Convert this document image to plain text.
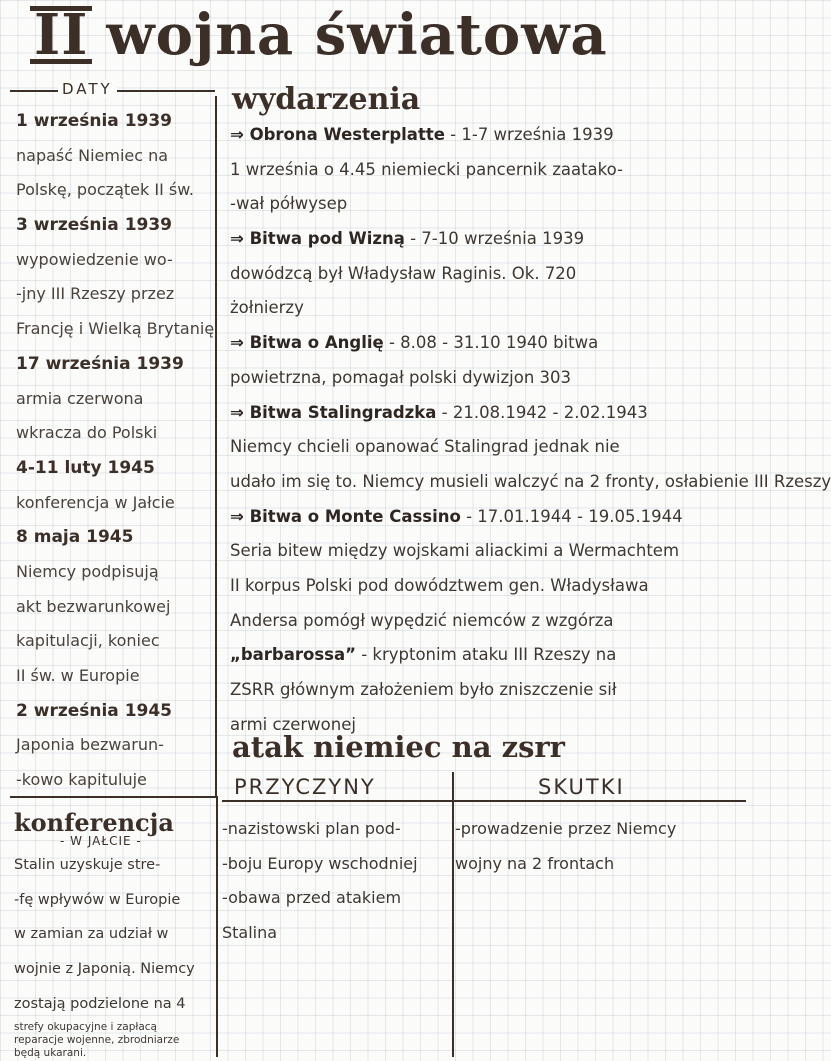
II wojna światowa
DATY
1 września 1939
napaść Niemiec na
Polskę, początek II św.
3 września 1939
wypowiedzenie wo-
-jny III Rzeszy przez
Francję i Wielką Brytanię
17 września 1939
armia czerwona
wkracza do Polski
4-11 luty 1945
konferencja w Jałcie
8 maja 1945
Niemcy podpisują
akt bezwarunkowej
kapitulacji, koniec
II św. w Europie
2 września 1945
Japonia bezwarun-
-kowo kapituluje
wydarzenia
⇒ Obrona Westerplatte - 1-7 września 1939
1 września o 4.45 niemiecki pancernik zaatako-
-wał półwysep
⇒ Bitwa pod Wizną - 7-10 września 1939
dowódzcą był Władysław Raginis. Ok. 720
żołnierzy
⇒ Bitwa o Anglię - 8.08 - 31.10 1940 bitwa
powietrzna, pomagał polski dywizjon 303
⇒ Bitwa Stalingradzka - 21.08.1942 - 2.02.1943
Niemcy chcieli opanować Stalingrad jednak nie
udało im się to. Niemcy musieli walczyć na 2 fronty, osłabienie III Rzeszy
⇒ Bitwa o Monte Cassino - 17.01.1944 - 19.05.1944
Seria bitew między wojskami aliackimi a Wermachtem
II korpus Polski pod dowództwem gen. Władysława
Andersa pomógł wypędzić niemców z wzgórza
„barbarossa” - kryptonim ataku III Rzeszy na
ZSRR głównym założeniem było zniszczenie sił
armi czerwonej
atak niemiec na zsrr
PRZYCZYNY	SKUTKI
-nazistowski plan pod-
-boju Europy wschodniej
-obawa przed atakiem
Stalina
-prowadzenie przez Niemcy
wojny na 2 frontach
konferencja
- W JAŁCIE -
Stalin uzyskuje stre-
-fę wpływów w Europie
w zamian za udział w
wojnie z Japonią. Niemcy
zostają podzielone na 4
strefy okupacyjne i zapłacą
reparacje wojenne, zbrodniarze
będą ukarani.
